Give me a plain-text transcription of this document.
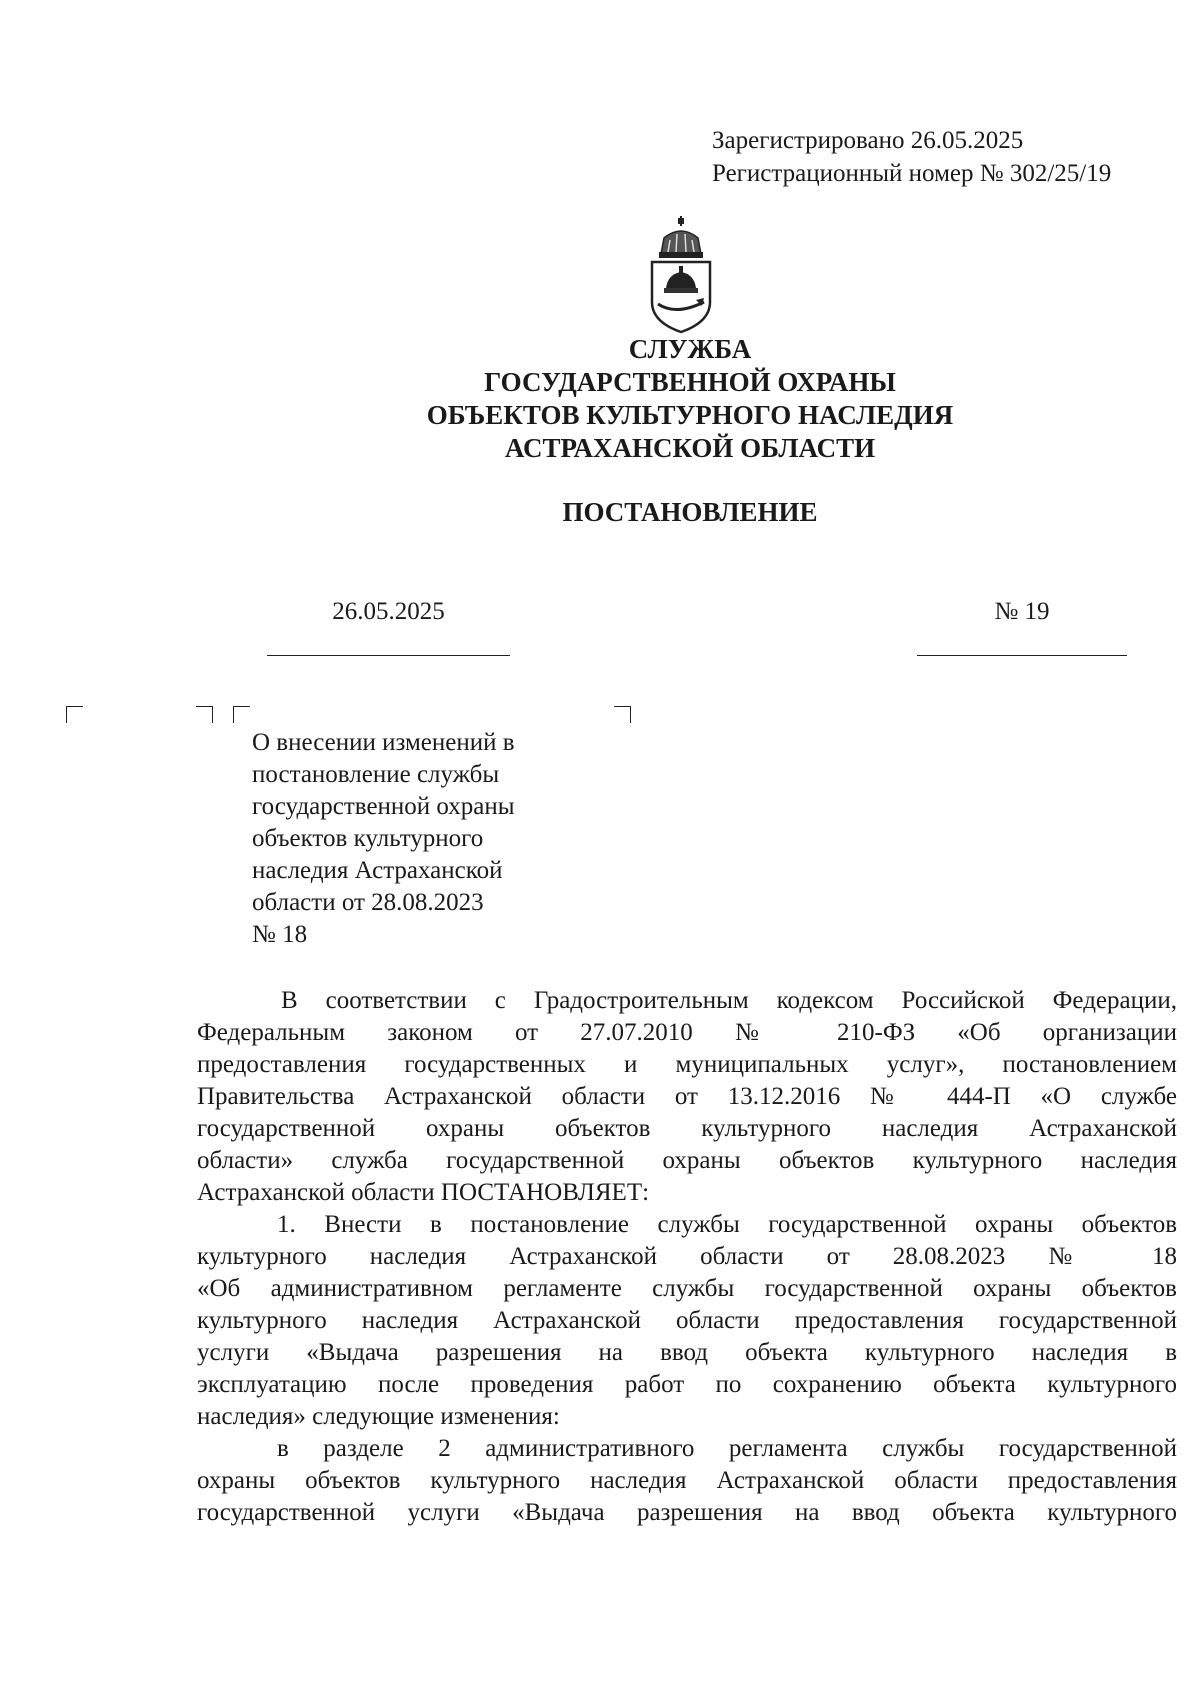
Зарегистрировано 26.05.2025
Регистрационный номер № 302/25/19
СЛУЖБА
ГОСУДАРСТВЕННОЙ ОХРАНЫ
ОБЪЕКТОВ КУЛЬТУРНОГО НАСЛЕДИЯ
АСТРАХАНСКОЙ ОБЛАСТИ
ПОСТАНОВЛЕНИЕ
26.05.2025	№ 19
О внесении изменений в
постановление службы
государственной охраны
объектов культурного
наследия Астраханской
области от 28.08.2023
№ 18
В соответствии с Градостроительным кодексом Российской Федерации,
Федеральным законом от 27.07.2010 № 210-ФЗ «Об организации
предоставления государственных и муниципальных услуг», постановлением
Правительства Астраханской области от 13.12.2016 № 444-П «О службе
государственной охраны объектов культурного наследия Астраханской
области» служба государственной охраны объектов культурного наследия
Астраханской области ПОСТАНОВЛЯЕТ:
1. Внести в постановление службы государственной охраны объектов
культурного наследия Астраханской области от 28.08.2023 № 18
«Об административном регламенте службы государственной охраны объектов
культурного наследия Астраханской области предоставления государственной
услуги «Выдача разрешения на ввод объекта культурного наследия в
эксплуатацию после проведения работ по сохранению объекта культурного
наследия» следующие изменения:
в разделе 2 административного регламента службы государственной
охраны объектов культурного наследия Астраханской области предоставления
государственной услуги «Выдача разрешения на ввод объекта культурного
